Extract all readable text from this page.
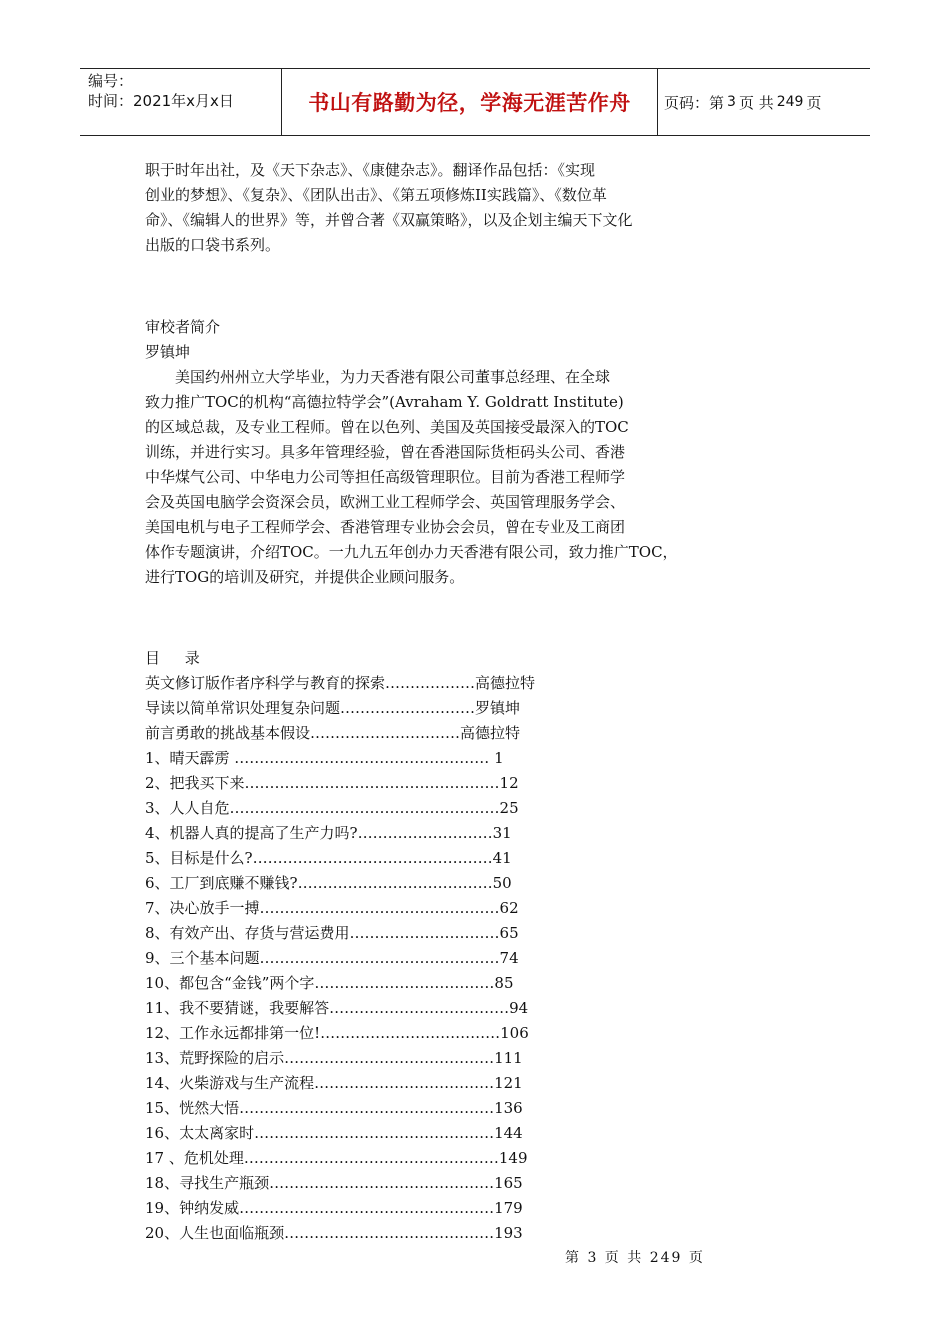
编号：
时间：2021年x月x日	书山有路勤为径，学海无涯苦作舟	页码：第 3 页 共 249 页
职于时年出社，及《天下杂志》、《康健杂志》。翻译作品包括：《实现
创业的梦想》、《复杂》、《团队出击》、《第五项修炼II实践篇》、《数位革
命》、《编辑人的世界》等，并曾合著《双赢策略》，以及企划主编天下文化
出版的口袋书系列。
审校者简介
罗镇坤
美国约州州立大学毕业，为力天香港有限公司董事总经理、在全球
致力推广TOC的机构“高德拉特学会”(Avraham Y. Goldratt Institute)
的区域总裁，及专业工程师。曾在以色列、美国及英国接受最深入的TOC
训练，并进行实习。具多年管理经验，曾在香港国际货柜码头公司、香港
中华煤气公司、中华电力公司等担任高级管理职位。目前为香港工程师学
会及英国电脑学会资深会员，欧洲工业工程师学会、英国管理服务学会、
美国电机与电子工程师学会、香港管理专业协会会员，曾在专业及工商团
体作专题演讲，介绍TOC。一九九五年创办力天香港有限公司，致力推广TOC，
进行TOG的培训及研究，并提供企业顾问服务。
目 录
英文修订版作者序科学与教育的探索………………高德拉特
导读以简单常识处理复杂问题………………………罗镇坤
前言勇敢的挑战基本假设…………………………高德拉特
1、晴天霹雳 …………………………………………… 1
2、把我买下来……………………………………………12
3、人人自危………………………………………………25
4、机器人真的提高了生产力吗?………………………31
5、目标是什么?…………………………………………41
6、工厂到底赚不赚钱?…………………………………50
7、决心放手一搏…………………………………………62
8、有效产出、存货与营运费用…………………………65
9、三个基本问题…………………………………………74
10、都包含“金钱”两个字………………………………85
11、我不要猜谜，我要解答………………………………94
12、工作永远都排第一位!………………………………106
13、荒野探险的启示……………………………………111
14、火柴游戏与生产流程………………………………121
15、恍然大悟……………………………………………136
16、太太离家时…………………………………………144
17 、危机处理……………………………………………149
18、寻找生产瓶颈………………………………………165
19、钟纳发威……………………………………………179
20、人生也面临瓶颈……………………………………193
第 3 页 共 249 页
